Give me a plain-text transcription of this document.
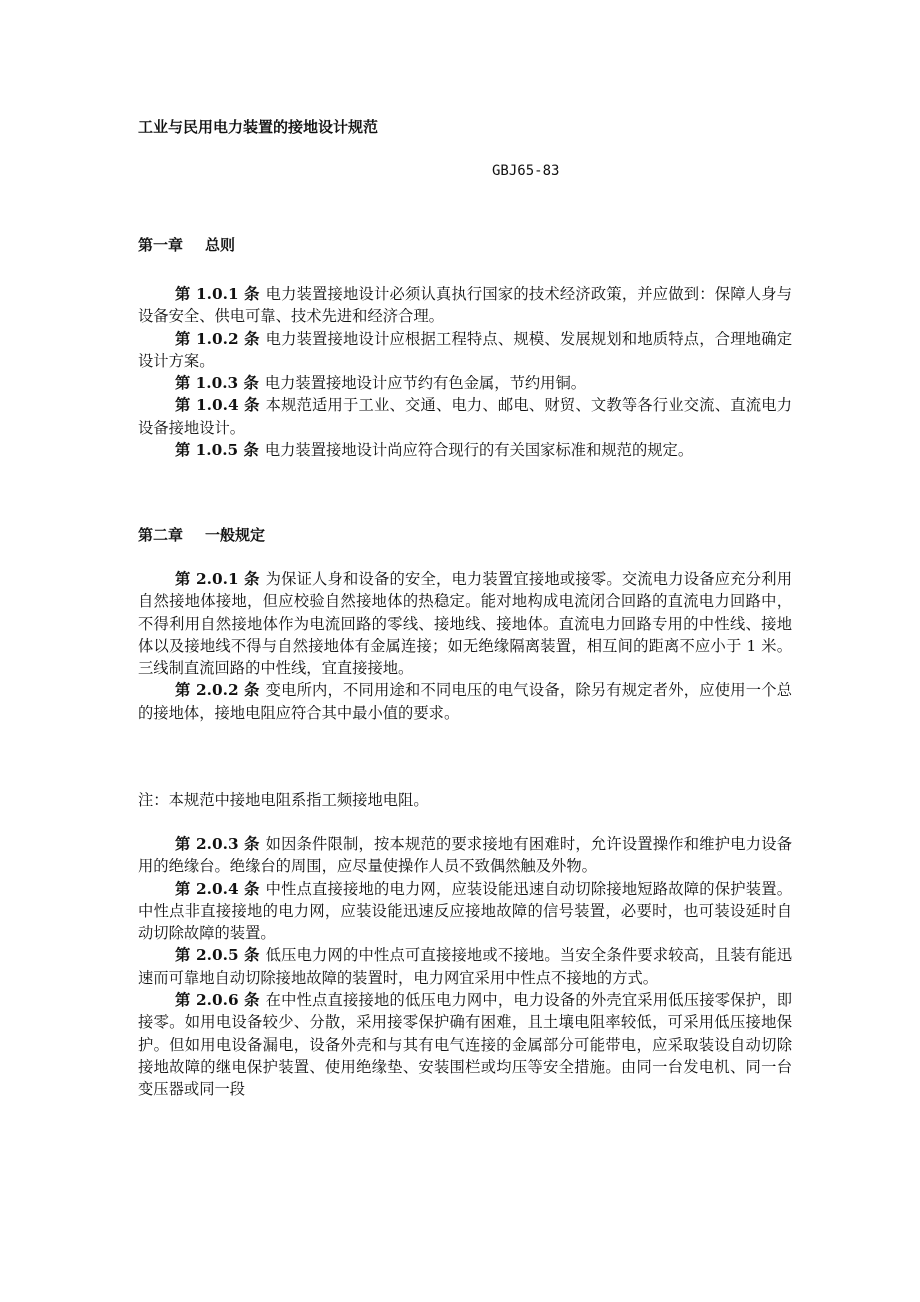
工业与民用电力装置的接地设计规范
GBJ65-83
第一章 总则

第 1.0.1 条 电力装置接地设计必须认真执行国家的技术经济政策，并应做到：保障人身与设备安全、供电可靠、技术先进和经济合理。

第 1.0.2 条 电力装置接地设计应根据工程特点、规模、发展规划和地质特点，合理地确定设计方案。

第 1.0.3 条 电力装置接地设计应节约有色金属，节约用铜。

第 1.0.4 条 本规范适用于工业、交通、电力、邮电、财贸、文教等各行业交流、直流电力设备接地设计。

第 1.0.5 条 电力装置接地设计尚应符合现行的有关国家标准和规范的规定。

第二章 一般规定

第 2.0.1 条 为保证人身和设备的安全，电力装置宜接地或接零。交流电力设备应充分利用自然接地体接地，但应校验自然接地体的热稳定。能对地构成电流闭合回路的直流电力回路中，不得利用自然接地体作为电流回路的零线、接地线、接地体。直流电力回路专用的中性线、接地体以及接地线不得与自然接地体有金属连接；如无绝缘隔离装置，相互间的距离不应小于 1 米。三线制直流回路的中性线，宜直接接地。

第 2.0.2 条 变电所内，不同用途和不同电压的电气设备，除另有规定者外，应使用一个总的接地体，接地电阻应符合其中最小值的要求。

注：本规范中接地电阻系指工频接地电阻。

第 2.0.3 条 如因条件限制，按本规范的要求接地有困难时，允许设置操作和维护电力设备用的绝缘台。绝缘台的周围，应尽量使操作人员不致偶然触及外物。

第 2.0.4 条 中性点直接接地的电力网，应装设能迅速自动切除接地短路故障的保护装置。中性点非直接接地的电力网，应装设能迅速反应接地故障的信号装置，必要时，也可装设延时自动切除故障的装置。

第 2.0.5 条 低压电力网的中性点可直接接地或不接地。当安全条件要求较高，且装有能迅速而可靠地自动切除接地故障的装置时，电力网宜采用中性点不接地的方式。

第 2.0.6 条 在中性点直接接地的低压电力网中，电力设备的外壳宜采用低压接零保护，即接零。如用电设备较少、分散，采用接零保护确有困难，且土壤电阻率较低，可采用低压接地保护。但如用电设备漏电，设备外壳和与其有电气连接的金属部分可能带电，应采取装设自动切除接地故障的继电保护装置、使用绝缘垫、安装围栏或均压等安全措施。由同一台发电机、同一台变压器或同一段
